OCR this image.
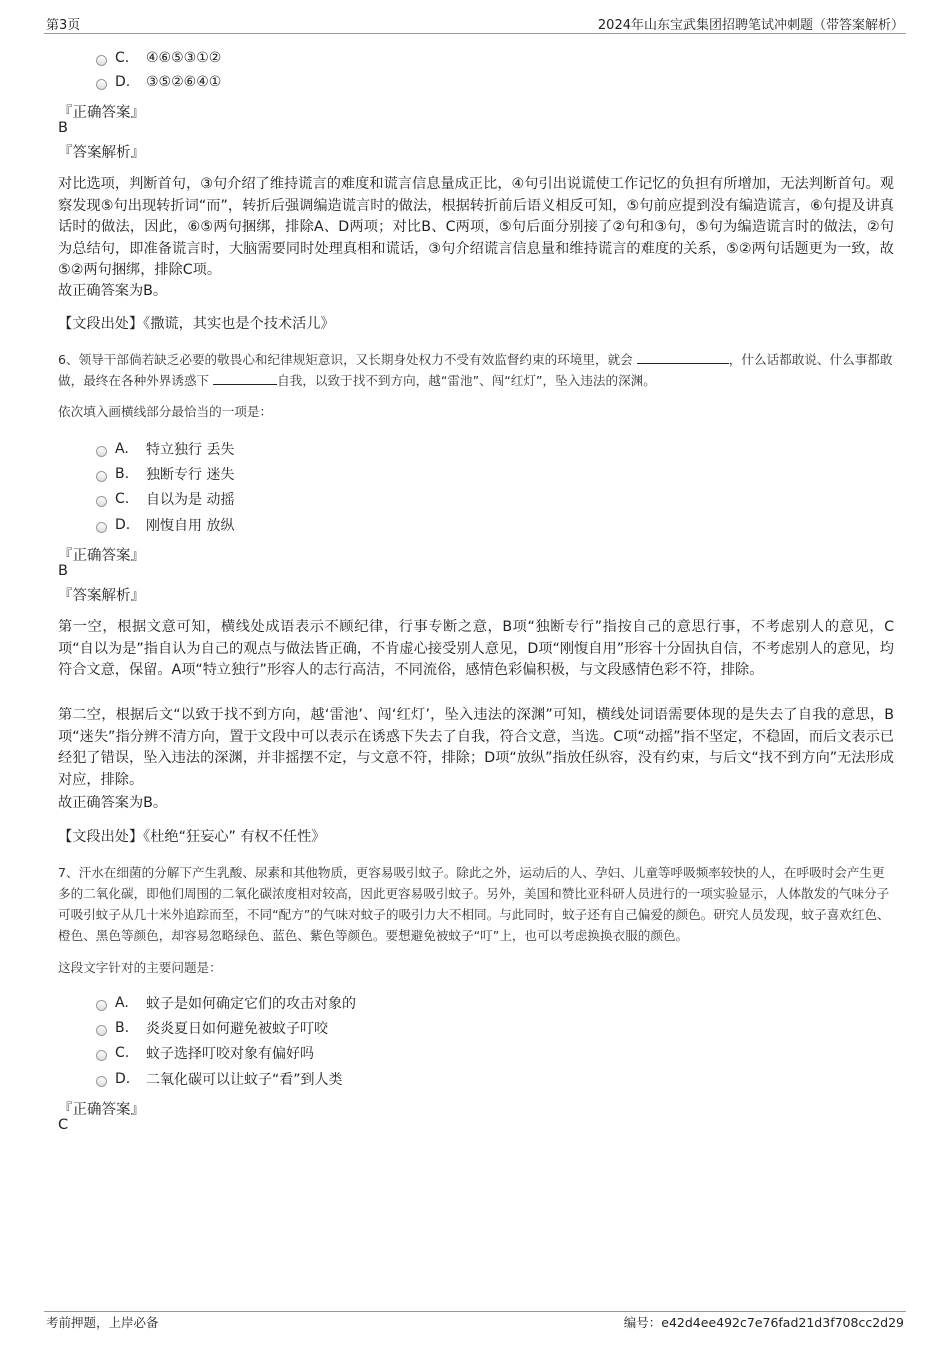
第3页	2024年山东宝武集团招聘笔试冲刺题（带答案解析）
C.	④⑥⑤③①②
D.	③⑤②⑥④①
『正确答案』
B
『答案解析』
对比选项，判断首句，③句介绍了维持谎言的难度和谎言信息量成正比，④句引出说谎使工作记忆的负担有所增加，无法判断首句。观察发现⑤句出现转折词“而”，转折后强调编造谎言时的做法，根据转折前后语义相反可知，⑤句前应提到没有编造谎言，⑥句提及讲真话时的做法，因此，⑥⑤两句捆绑，排除A、D两项；对比B、C两项，⑤句后面分别接了②句和③句，⑤句为编造谎言时的做法，②句为总结句，即准备谎言时，大脑需要同时处理真相和谎话，③句介绍谎言信息量和维持谎言的难度的关系，⑤②两句话题更为一致，故⑤②两句捆绑，排除C项。
故正确答案为B。
【文段出处】《撒谎，其实也是个技术活儿》
6、领导干部倘若缺乏必要的敬畏心和纪律规矩意识，又长期身处权力不受有效监督约束的环境里，就会	，什么话都敢说、什么事都敢做，最终在各种外界诱惑下	自我，以致于找不到方向，越“雷池”、闯“红灯”，坠入违法的深渊。
依次填入画横线部分最恰当的一项是：
A.	特立独行 丢失
B.	独断专行 迷失
C.	自以为是 动摇
D.	刚愎自用 放纵
『正确答案』
B
『答案解析』
第一空，根据文意可知，横线处成语表示不顾纪律，行事专断之意，B项“独断专行”指按自己的意思行事，不考虑别人的意见，C项“自以为是”指自认为自己的观点与做法皆正确，不肯虚心接受别人意见，D项“刚愎自用”形容十分固执自信，不考虑别人的意见，均符合文意，保留。A项“特立独行”形容人的志行高洁，不同流俗，感情色彩偏积极，与文段感情色彩不符，排除。
第二空，根据后文“以致于找不到方向，越‘雷池’、闯‘红灯’，坠入违法的深渊”可知，横线处词语需要体现的是失去了自我的意思，B项“迷失”指分辨不清方向，置于文段中可以表示在诱惑下失去了自我，符合文意，当选。C项“动摇”指不坚定，不稳固，而后文表示已经犯了错误，坠入违法的深渊，并非摇摆不定，与文意不符，排除；D项“放纵”指放任纵容，没有约束，与后文“找不到方向”无法形成对应，排除。
故正确答案为B。
【文段出处】《杜绝“狂妄心” 有权不任性》
7、汗水在细菌的分解下产生乳酸、尿素和其他物质，更容易吸引蚊子。除此之外，运动后的人、孕妇、儿童等呼吸频率较快的人，在呼吸时会产生更多的二氧化碳，即他们周围的二氧化碳浓度相对较高，因此更容易吸引蚊子。另外，美国和赞比亚科研人员进行的一项实验显示，人体散发的气味分子可吸引蚊子从几十米外追踪而至，不同“配方”的气味对蚊子的吸引力大不相同。与此同时，蚊子还有自己偏爱的颜色。研究人员发现，蚊子喜欢红色、橙色、黑色等颜色，却容易忽略绿色、蓝色、紫色等颜色。要想避免被蚊子“叮”上，也可以考虑换换衣服的颜色。
这段文字针对的主要问题是：
A.	蚊子是如何确定它们的攻击对象的
B.	炎炎夏日如何避免被蚊子叮咬
C.	蚊子选择叮咬对象有偏好吗
D.	二氧化碳可以让蚊子“看”到人类
『正确答案』
C
考前押题，上岸必备	编号：e42d4ee492c7e76fad21d3f708cc2d29
